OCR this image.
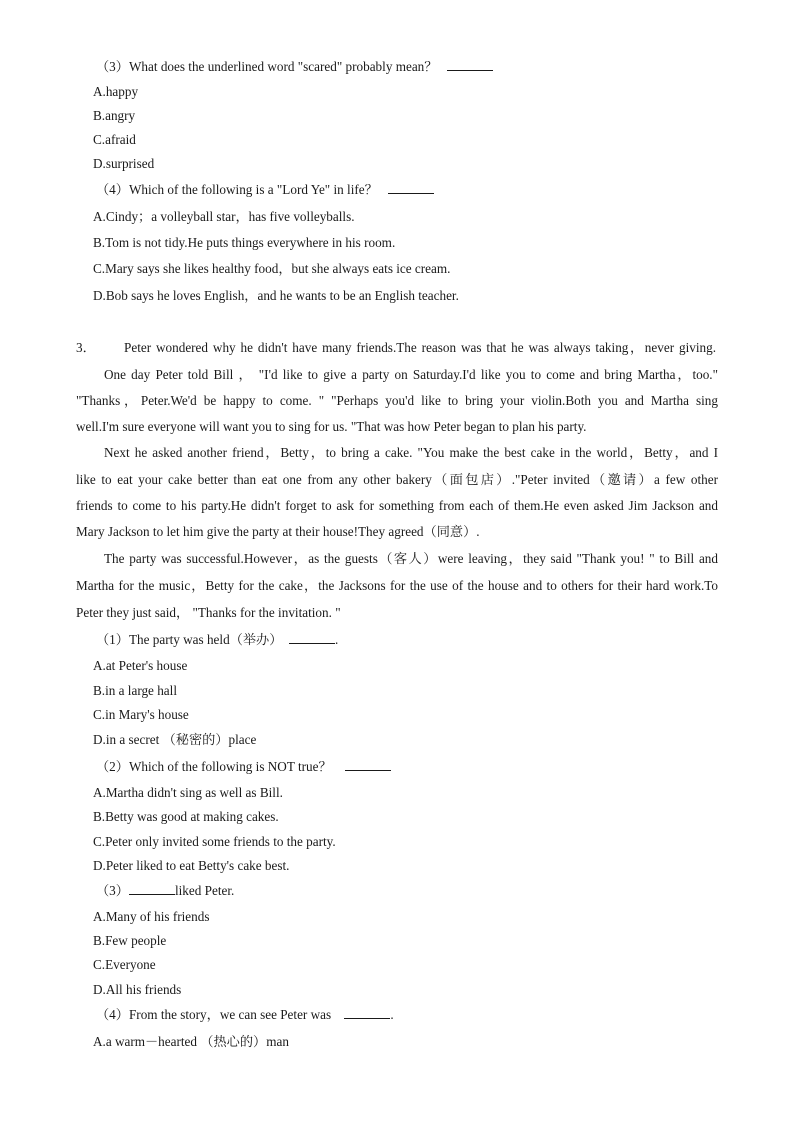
（3）What does the underlined word "scared" probably mean？
A.happy
B.angry
C.afraid
D.surprised
（4）Which of the following is a "Lord Ye" in life？
A.Cindy；a volleyball star，has five volleyballs.
B.Tom is not tidy.He puts things everywhere in his room.
C.Mary says she likes healthy food，but she always eats ice cream.
D.Bob says he loves English，and he wants to be an English teacher.
3． Peter wondered why he didn't have many friends.The reason was that he was always taking，never giving.
One day Peter told Bill ， "I'd like to give a party on Saturday.I'd like you to come and bring Martha，too."
"Thanks，Peter.We'd be happy to come. " "Perhaps you'd like to bring your violin.Both you and Martha sing
well.I'm sure everyone will want you to sing for us. "That was how Peter began to plan his party.
Next he asked another friend，Betty，to bring a cake. "You make the best cake in the world，Betty，and I
like to eat your cake better than eat one from any other bakery（面包店）."Peter invited（邀请）a few other
friends to come to his party.He didn't forget to ask for something from each of them.He even asked Jim Jackson and
Mary Jackson to let him give the party at their house!They agreed（同意）.
The party was successful.However，as the guests（客人）were leaving，they said "Thank you! " to Bill and
Martha for the music，Betty for the cake，the Jacksons for the use of the house and to others for their hard work.To
Peter they just said， "Thanks for the invitation. "
（1）The party was held（举办）	.
A.at Peter's house
B.in a large hall
C.in Mary's house
D.in a secret （秘密的）place
（2）Which of the following is NOT true？
A.Martha didn't sing as well as Bill.
B.Betty was good at making cakes.
C.Peter only invited some friends to the party.
D.Peter liked to eat Betty's cake best.
（3）	liked Peter.
A.Many of his friends
B.Few people
C.Everyone
D.All his friends
（4）From the story，we can see Peter was	.
A.a warm－hearted （热心的）man
